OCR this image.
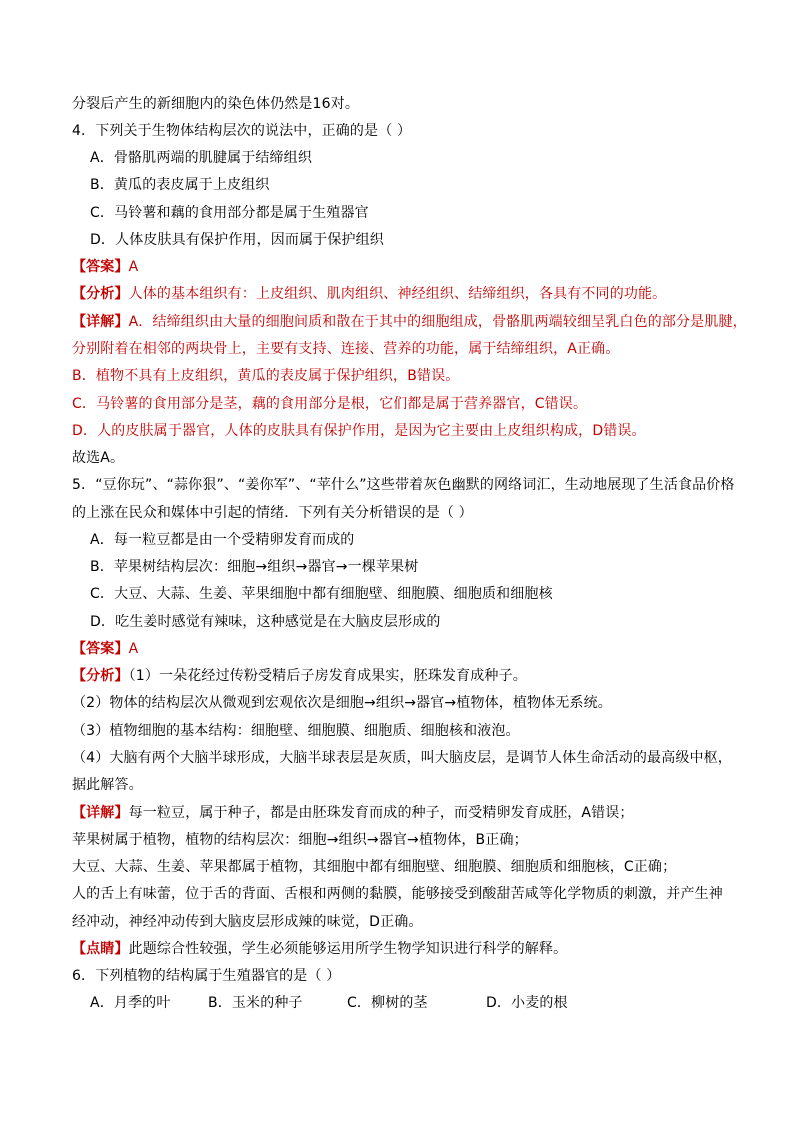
分裂后产生的新细胞内的染色体仍然是16对。
4．下列关于生物体结构层次的说法中，正确的是（ ）
A．骨骼肌两端的肌腱属于结缔组织
B．黄瓜的表皮属于上皮组织
C．马铃薯和藕的食用部分都是属于生殖器官
D．人体皮肤具有保护作用，因而属于保护组织
【答案】A
【分析】人体的基本组织有：上皮组织、肌肉组织、神经组织、结缔组织，各具有不同的功能。
【详解】A．结缔组织由大量的细胞间质和散在于其中的细胞组成，骨骼肌两端较细呈乳白色的部分是肌腱，
分别附着在相邻的两块骨上，主要有支持、连接、营养的功能，属于结缔组织，A正确。
B．植物不具有上皮组织，黄瓜的表皮属于保护组织，B错误。
C．马铃薯的食用部分是茎，藕的食用部分是根，它们都是属于营养器官，C错误。
D．人的皮肤属于器官，人体的皮肤具有保护作用，是因为它主要由上皮组织构成，D错误。
故选A。
5．“豆你玩”、“蒜你狠”、“姜你军”、“苹什么”这些带着灰色幽默的网络词汇，生动地展现了生活食品价格
的上涨在民众和媒体中引起的情绪．下列有关分析错误的是（ ）
A．每一粒豆都是由一个受精卵发育而成的
B．苹果树结构层次：细胞→组织→器官→一棵苹果树
C．大豆、大蒜、生姜、苹果细胞中都有细胞壁、细胞膜、细胞质和细胞核
D．吃生姜时感觉有辣味，这种感觉是在大脑皮层形成的
【答案】A
【分析】（1）一朵花经过传粉受精后子房发育成果实，胚珠发育成种子。
（2）物体的结构层次从微观到宏观依次是细胞→组织→器官→植物体，植物体无系统。
（3）植物细胞的基本结构：细胞壁、细胞膜、细胞质、细胞核和液泡。
（4）大脑有两个大脑半球形成，大脑半球表层是灰质，叫大脑皮层，是调节人体生命活动的最高级中枢，
据此解答。
【详解】每一粒豆，属于种子，都是由胚珠发育而成的种子，而受精卵发育成胚，A错误；
苹果树属于植物，植物的结构层次：细胞→组织→器官→植物体，B正确；
大豆、大蒜、生姜、苹果都属于植物，其细胞中都有细胞壁、细胞膜、细胞质和细胞核，C正确；
人的舌上有味蕾，位于舌的背面、舌根和两侧的黏膜，能够接受到酸甜苦咸等化学物质的刺激，并产生神
经冲动，神经冲动传到大脑皮层形成辣的味觉，D正确。
【点睛】此题综合性较强，学生必须能够运用所学生物学知识进行科学的解释。
6．下列植物的结构属于生殖器官的是（ ）
A．月季的叶	B．玉米的种子	C．柳树的茎	D．小麦的根
